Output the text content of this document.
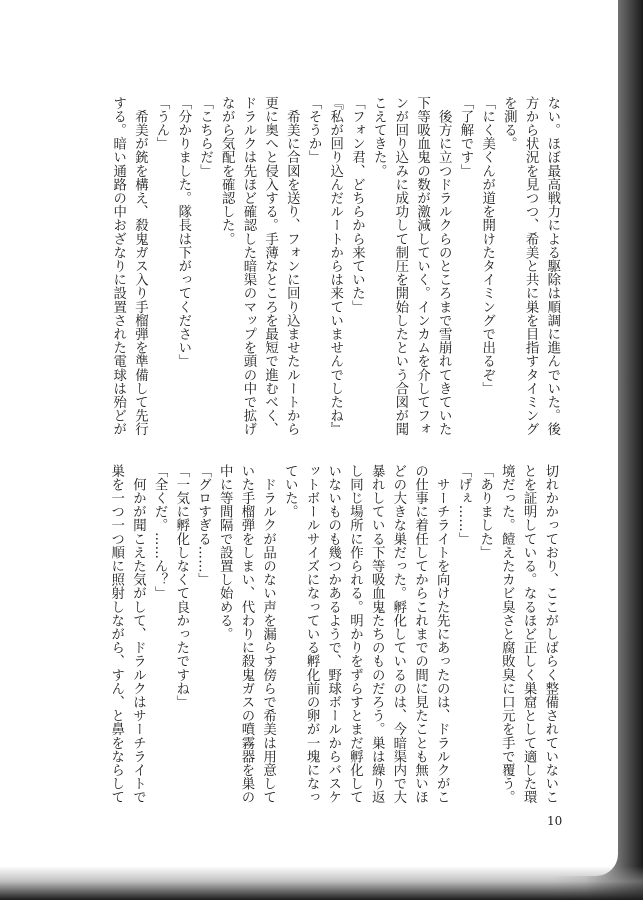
ない。ほぼ最高戦力による駆除は順調に進んでいた。後

方から状況を見つつ、希美と共に巣を目指すタイミング

を測る。

「にく美くんが道を開けたタイミングで出るぞ」

「了解です」

　後方に立つドラルクらのところまで雪崩れてきていた

下等吸血鬼の数が激減していく。インカムを介してフォ

ンが回り込みに成功して制圧を開始したという合図が聞

こえてきた。

「フォン君、どちらから来ていた」

『私が回り込んだルートからは来ていませんでしたね』

「そうか」

　希美に合図を送り、フォンに回り込ませたルートから

更に奥へと侵入する。手薄なところを最短で進むべく、

ドラルクは先ほど確認した暗渠のマップを頭の中で拡げ

ながら気配を確認した。

「こちらだ」

「分かりました。隊長は下がってください」

「うん」

　希美が銃を構え、殺鬼ガス入り手榴弾を準備して先行

する。暗い通路の中おざなりに設置された電球は殆どが

切れかかっており、ここがしばらく整備されていないこ

とを証明している。なるほど正しく巣窟として適した環

境だった。饐えたカビ臭さと腐敗臭に口元を手で覆う。

「ありました」

「げぇ……」

　サーチライトを向けた先にあったのは、ドラルクがこ

の仕事に着任してからこれまでの間に見たことも無いほ

どの大きな巣だった。孵化しているのは、今暗渠内で大

暴れしている下等吸血鬼たちのものだろう。巣は繰り返

し同じ場所に作られる。明かりをずらすとまだ孵化して

いないものも幾つかあるようで、野球ボールからバスケ

ットボールサイズになっている孵化前の卵が一塊になっ

ていた。

　ドラルクが品のない声を漏らす傍らで希美は用意して

いた手榴弾をしまい、代わりに殺鬼ガスの噴霧器を巣の

中に等間隔で設置し始める。

「グロすぎる……」

「一気に孵化しなくて良かったですね」

「全くだ。……ん？」

　何かが聞こえた気がして、ドラルクはサーチライトで

巣を一つ一つ順に照射しながら、すん、と鼻をならして

10
